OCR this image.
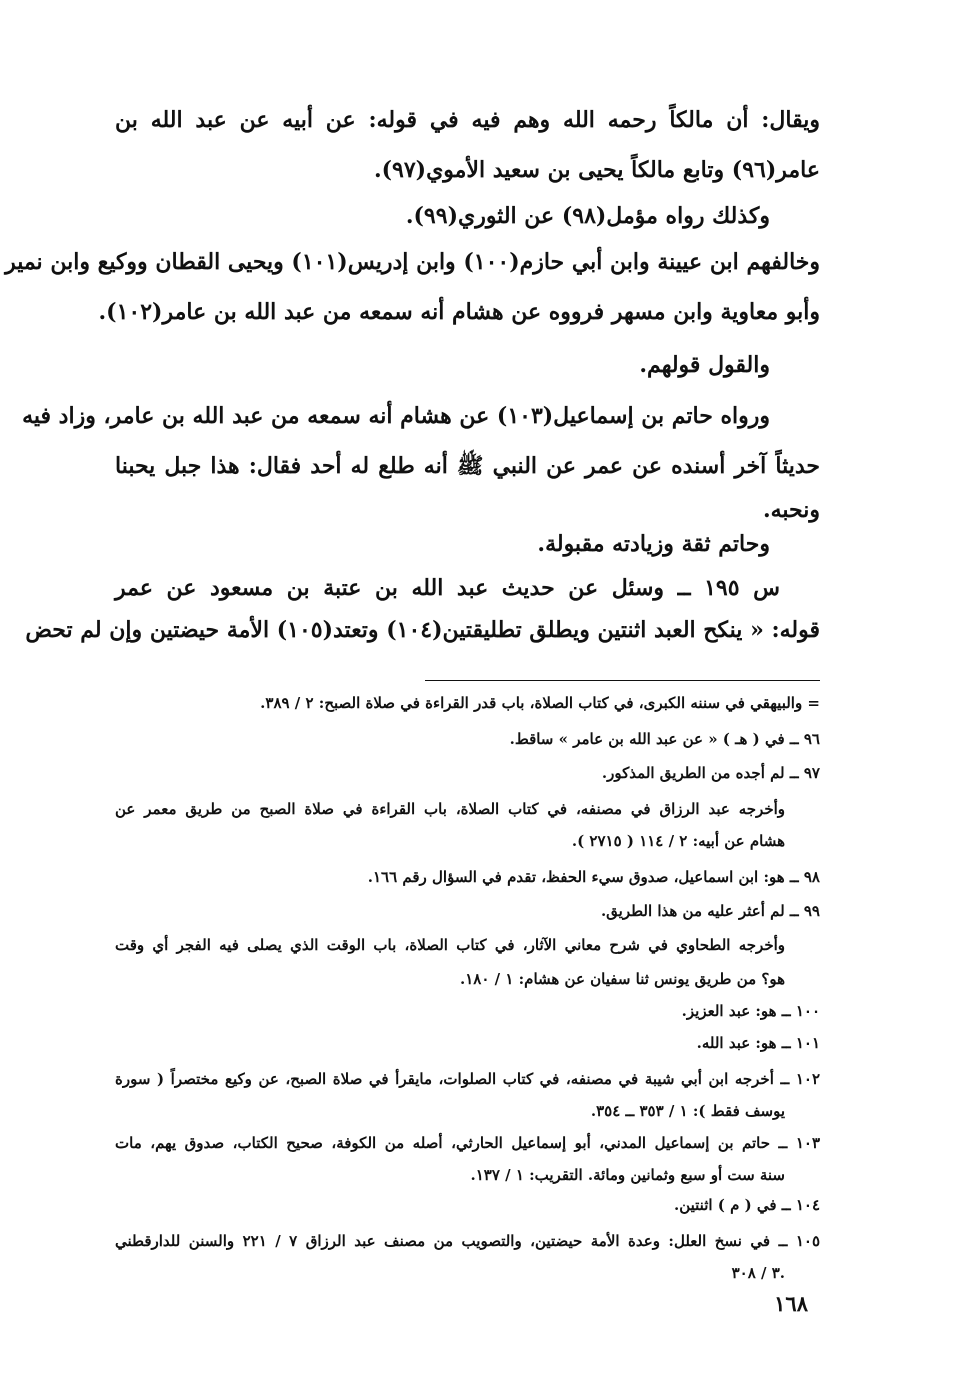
ويقال: أن مالكاً رحمه الله وهم فيه في قوله: عن أبيه عن عبد الله بن
عامر(٩٦) وتابع مالكاً يحيى بن سعيد الأموي(٩٧).
وكذلك رواه مؤمل(٩٨) عن الثوري(٩٩).
وخالفهم ابن عيينة وابن أبي حازم(١٠٠) وابن إدريس(١٠١) ويحيى القطان ووكيع وابن نمير
وأبو معاوية وابن مسهر فرووه عن هشام أنه سمعه من عبد الله بن عامر(١٠٢).
والقول قولهم.
ورواه حاتم بن إسماعيل(١٠٣) عن هشام أنه سمعه من عبد الله بن عامر، وزاد فيه
حديثاً آخر أسنده عن عمر عن النبي ﷺ أنه طلع له أحد فقال: هذا جبل يحبنا
ونحبه.
وحاتم ثقة وزيادته مقبولة.
س ١٩٥ ــ وسئل عن حديث عبد الله بن عتبة بن مسعود عن عمر
قوله: « ينكح العبد اثنتين ويطلق تطليقتين(١٠٤) وتعتد(١٠٥) الأمة حيضتين وإن لم تحض
= والبيهقي في سننه الكبرى، في كتاب الصلاة، باب قدر القراءة في صلاة الصبح: ٢ / ٣٨٩.
٩٦ ــ في ( هـ ) « عن عبد الله بن عامر » ساقط.
٩٧ ــ لم أجده من الطريق المذكور.
وأخرجه عبد الرزاق في مصنفه، في كتاب الصلاة، باب القراءة في صلاة الصبح من طريق معمر عن
هشام عن أبيه: ٢ / ١١٤ ( ٢٧١٥ ).
٩٨ ــ هو: ابن اسماعيل، صدوق سيء الحفظ، تقدم في السؤال رقم ١٦٦.
٩٩ ــ لم أعثر عليه من هذا الطريق.
وأخرجه الطحاوي في شرح معاني الآثار، في كتاب الصلاة، باب الوقت الذي يصلى فيه الفجر أي وقت
هو؟ من طريق يونس ثنا سفيان عن هشام: ١ / ١٨٠.
١٠٠ ــ هو: عبد العزيز.
١٠١ ــ هو: عبد الله.
١٠٢ ــ أخرجه ابن أبي شيبة في مصنفه، في كتاب الصلوات، مايقرأ في صلاة الصبح، عن وكيع مختصراً ( سورة
يوسف فقط ): ١ / ٣٥٣ ــ ٣٥٤.
١٠٣ ــ حاتم بن إسماعيل المدني، أبو إسماعيل الحارثي، أصله من الكوفة، صحيح الكتاب، صدوق يهم، مات
سنة ست أو سبع وثمانين ومائة. التقريب: ١ / ١٣٧.
١٠٤ ــ في ( م ) اثنتين.
١٠٥ ــ في نسخ العلل: وعدة الأمة حيضتين، والتصويب من مصنف عبد الرزاق ٧ / ٢٢١ والسنن للدارقطني
٣ / ٣٠٨.
١٦٨
